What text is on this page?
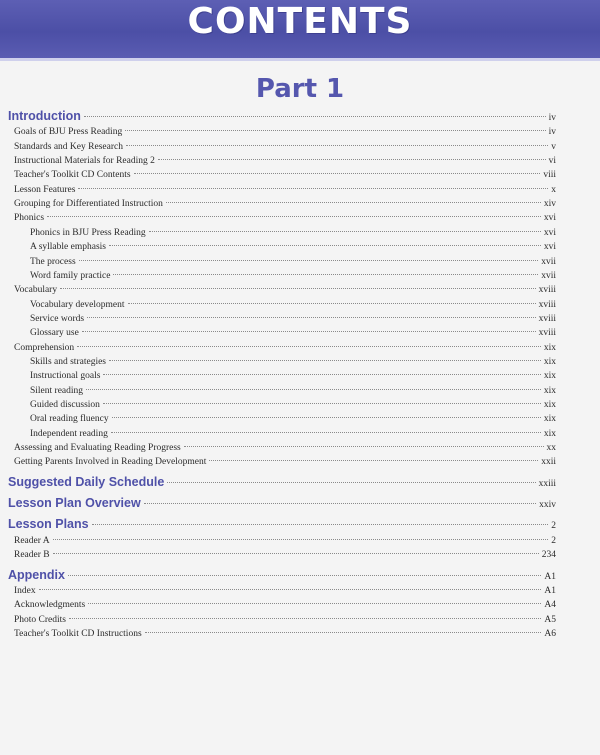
CONTENTS
Part 1
Introduction	iv
Goals of BJU Press Reading	iv
Standards and Key Research	v
Instructional Materials for Reading 2	vi
Teacher's Toolkit CD Contents	viii
Lesson Features	x
Grouping for Differentiated Instruction	xiv
Phonics	xvi
Phonics in BJU Press Reading	xvi
A syllable emphasis	xvi
The process	xvii
Word family practice	xvii
Vocabulary	xviii
Vocabulary development	xviii
Service words	xviii
Glossary use	xviii
Comprehension	xix
Skills and strategies	xix
Instructional goals	xix
Silent reading	xix
Guided discussion	xix
Oral reading fluency	xix
Independent reading	xix
Assessing and Evaluating Reading Progress	xx
Getting Parents Involved in Reading Development	xxii
Suggested Daily Schedule	xxiii
Lesson Plan Overview	xxiv
Lesson Plans	2
Reader A	2
Reader B	234
Appendix	A1
Index	A1
Acknowledgments	A4
Photo Credits	A5
Teacher's Toolkit CD Instructions	A6
